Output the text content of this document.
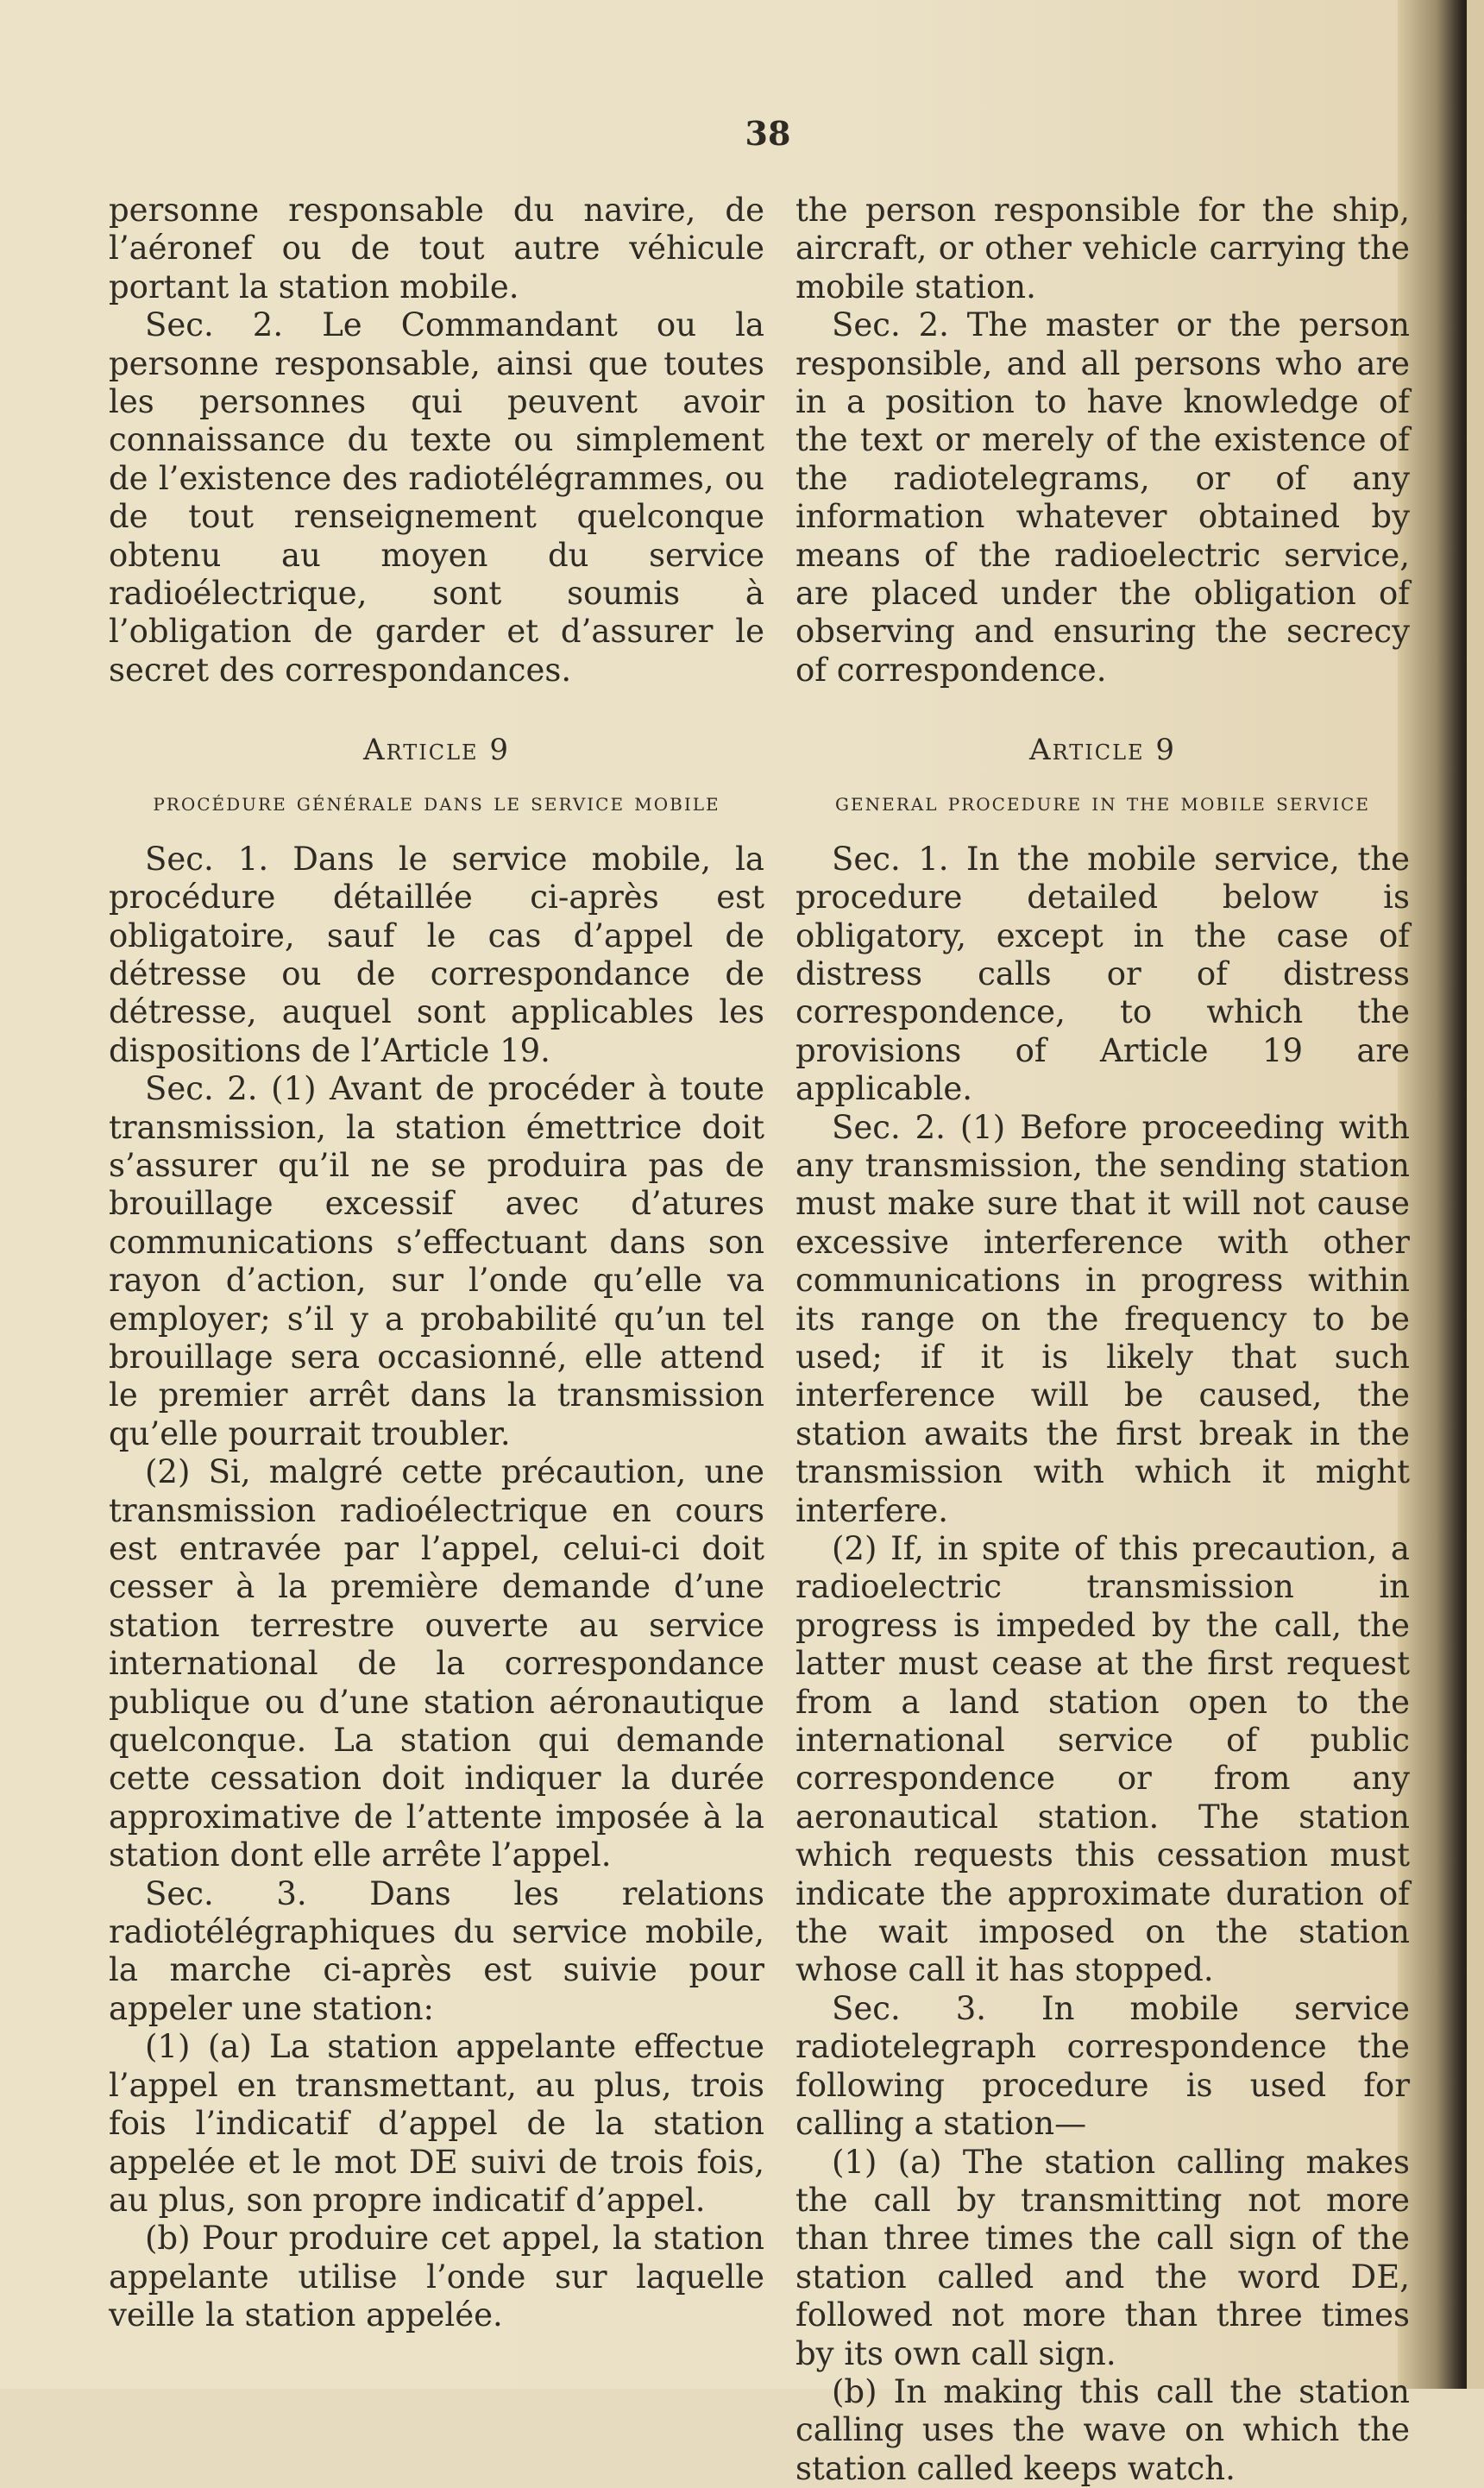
38

personne responsable du navire, de l’aéronef ou de tout autre véhicule portant la station mobile.

Sec. 2. Le Commandant ou la personne responsable, ainsi que toutes les personnes qui peuvent avoir connaissance du texte ou simplement de l’existence des radiotélégrammes, ou de tout renseignement quelconque obtenu au moyen du service radioélectrique, sont soumis à l’obligation de garder et d’assurer le secret des correspondances.

Article 9
procédure générale dans le service mobile

Sec. 1. Dans le service mobile, la procédure détaillée ci-après est obligatoire, sauf le cas d’appel de détresse ou de correspondance de détresse, auquel sont applicables les dispositions de l’Article 19.

Sec. 2. (1) Avant de procéder à toute transmission, la station émettrice doit s’assurer qu’il ne se produira pas de brouillage excessif avec d’atures communications s’effectuant dans son rayon d’action, sur l’onde qu’elle va employer; s’il y a probabilité qu’un tel brouillage sera occasionné, elle attend le premier arrêt dans la transmission qu’elle pourrait troubler.

(2) Si, malgré cette précaution, une transmission radioélectrique en cours est entravée par l’appel, celui-ci doit cesser à la première demande d’une station terrestre ouverte au service international de la correspondance publique ou d’une station aéronautique quelconque. La station qui demande cette cessation doit indiquer la durée approximative de l’attente imposée à la station dont elle arrête l’appel.

Sec. 3. Dans les relations radiotélégraphiques du service mobile, la marche ci-après est suivie pour appeler une station:

(1) (a) La station appelante effectue l’appel en transmettant, au plus, trois fois l’indicatif d’appel de la station appelée et le mot DE suivi de trois fois, au plus, son propre indicatif d’appel.

(b) Pour produire cet appel, la station appelante utilise l’onde sur laquelle veille la station appelée.

the person responsible for the ship, aircraft, or other vehicle carrying the mobile station.

Sec. 2. The master or the person responsible, and all persons who are in a position to have knowledge of the text or merely of the existence of the radiotelegrams, or of any information whatever obtained by means of the radioelectric service, are placed under the obligation of observing and ensuring the secrecy of correspondence.

Article 9
general procedure in the mobile service

Sec. 1. In the mobile service, the procedure detailed below is obligatory, except in the case of distress calls or of distress correspondence, to which the provisions of Article 19 are applicable.

Sec. 2. (1) Before proceeding with any transmission, the sending station must make sure that it will not cause excessive interference with other communications in progress within its range on the frequency to be used; if it is likely that such interference will be caused, the station awaits the first break in the transmission with which it might interfere.

(2) If, in spite of this precaution, a radioelectric transmission in progress is impeded by the call, the latter must cease at the first request from a land station open to the international service of public correspondence or from any aeronautical station. The station which requests this cessation must indicate the approximate duration of the wait imposed on the station whose call it has stopped.

Sec. 3. In mobile service radiotelegraph correspondence the following procedure is used for calling a station—

(1) (a) The station calling makes the call by transmitting not more than three times the call sign of the station called and the word DE, followed not more than three times by its own call sign.

(b) In making this call the station calling uses the wave on which the station called keeps watch.
